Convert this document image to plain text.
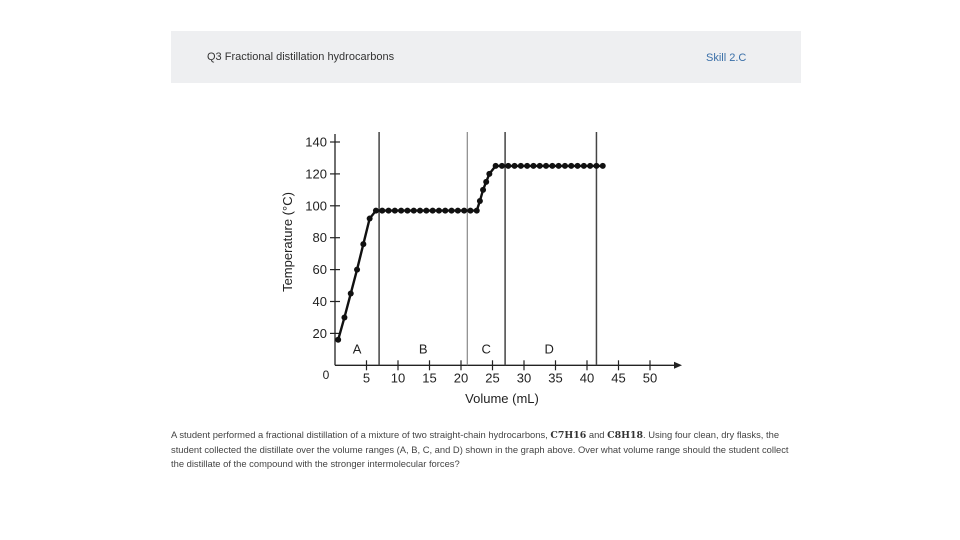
Q3 Fractional distillation hydrocarbons	Skill 2.C
20
40
60
80
100
120
140
5 10 15 20 25 30 35 40 45 50
A	B	C	D
Volume (mL)
Temperature (°C)
0
A student performed a fractional distillation of a mixture of two straight-chain hydrocarbons, C7H16 and C8H18. Using four clean, dry flasks, the student collected the distillate over the volume ranges (A, B, C, and D) shown in the graph above. Over what volume range should the student collect the distillate of the compound with the stronger intermolecular forces?
